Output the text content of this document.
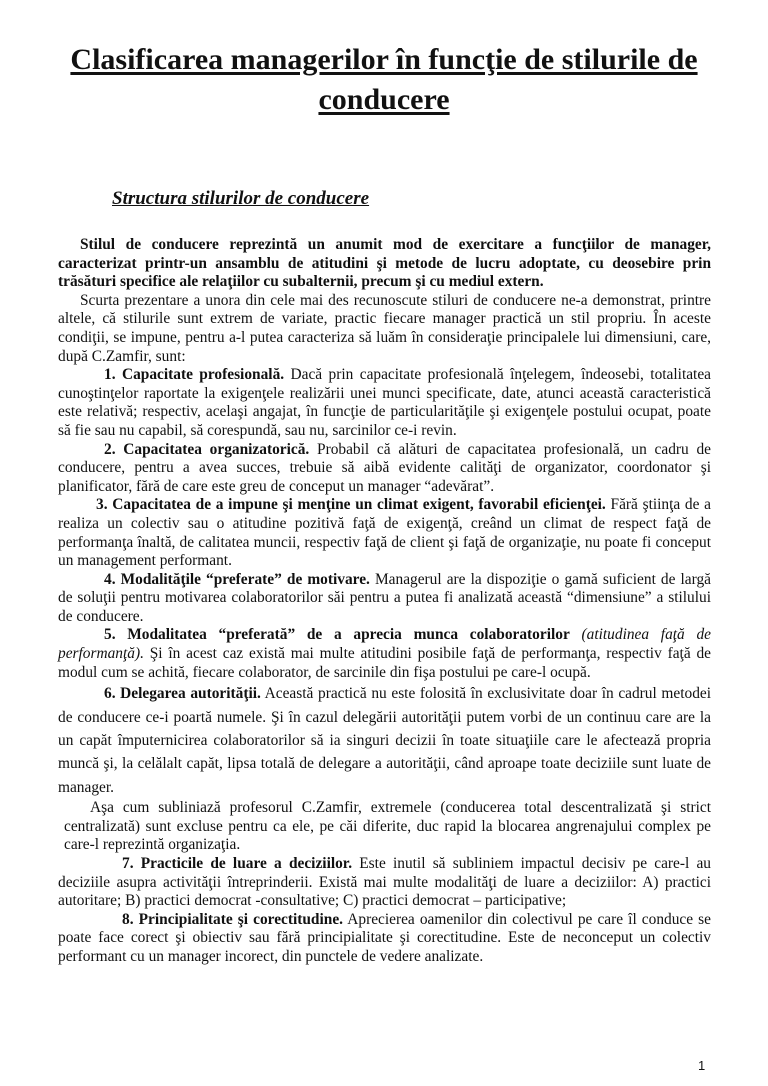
Clasificarea managerilor în funcţie de stilurile de conducere
Structura stilurilor de conducere

Stilul de conducere reprezintă un anumit mod de exercitare a funcţiilor de manager, caracterizat printr-un ansamblu de atitudini şi metode de lucru adoptate, cu deosebire prin trăsături specifice ale relaţiilor cu subalternii, precum şi cu mediul extern.

Scurta prezentare a unora din cele mai des recunoscute stiluri de conducere ne-a demonstrat, printre altele, că stilurile sunt extrem de variate, practic fiecare manager practică un stil propriu. În aceste condiţii, se impune, pentru a-l putea caracteriza să luăm în consideraţie principalele lui dimensiuni, care, după C.Zamfir, sunt:

1. Capacitate profesională. Dacă prin capacitate profesională înţelegem, îndeosebi, totalitatea cunoştinţelor raportate la exigenţele realizării unei munci specificate, date, atunci această caracteristică este relativă; respectiv, acelaşi angajat, în funcţie de particularităţile şi exigenţele postului ocupat, poate să fie sau nu capabil, să corespundă, sau nu, sarcinilor ce-i revin.

2. Capacitatea organizatorică. Probabil că alături de capacitatea profesională, un cadru de conducere, pentru a avea succes, trebuie să aibă evidente calităţi de organizator, coordonator şi planificator, fără de care este greu de conceput un manager “adevărat”.

3. Capacitatea de a impune şi menţine un climat exigent, favorabil eficienţei. Fără ştiinţa de a realiza un colectiv sau o atitudine pozitivă faţă de exigenţă, creând un climat de respect faţă de performanţa înaltă, de calitatea muncii, respectiv faţă de client şi faţă de organizaţie, nu poate fi conceput un management performant.

4. Modalităţile “preferate” de motivare. Managerul are la dispoziţie o gamă suficient de largă de soluţii pentru motivarea colaboratorilor săi pentru a putea fi analizată această “dimensiune” a stilului de conducere.

5. Modalitatea “preferată” de a aprecia munca colaboratorilor (atitudinea faţă de performanţă). Şi în acest caz există mai multe atitudini posibile faţă de performanţa, respectiv faţă de modul cum se achită, fiecare colaborator, de sarcinile din fişa postului pe care-l ocupă.

6. Delegarea autorităţii. Această practică nu este folosită în exclusivitate doar în cadrul metodei de conducere ce-i poartă numele. Şi în cazul delegării autorităţii putem vorbi de un continuu care are la un capăt împuternicirea colaboratorilor să ia singuri decizii în toate situaţiile care le afectează propria muncă şi, la celălalt capăt, lipsa totală de delegare a autorităţii, când aproape toate deciziile sunt luate de manager.

Aşa cum subliniază profesorul C.Zamfir, extremele (conducerea total descentralizată şi strict centralizată) sunt excluse pentru ca ele, pe căi diferite, duc rapid la blocarea angrenajului complex pe care-l reprezintă organizaţia.

7. Practicile de luare a deciziilor. Este inutil să subliniem impactul decisiv pe care-l au deciziile asupra activităţii întreprinderii. Există mai multe modalităţi de luare a deciziilor: A) practici autoritare; B) practici democrat -consultative; C) practici democrat – participative;

8. Principialitate şi corectitudine. Aprecierea oamenilor din colectivul pe care îl conduce se poate face corect şi obiectiv sau fără principialitate şi corectitudine. Este de neconceput un colectiv performant cu un manager incorect, din punctele de vedere analizate.

1
